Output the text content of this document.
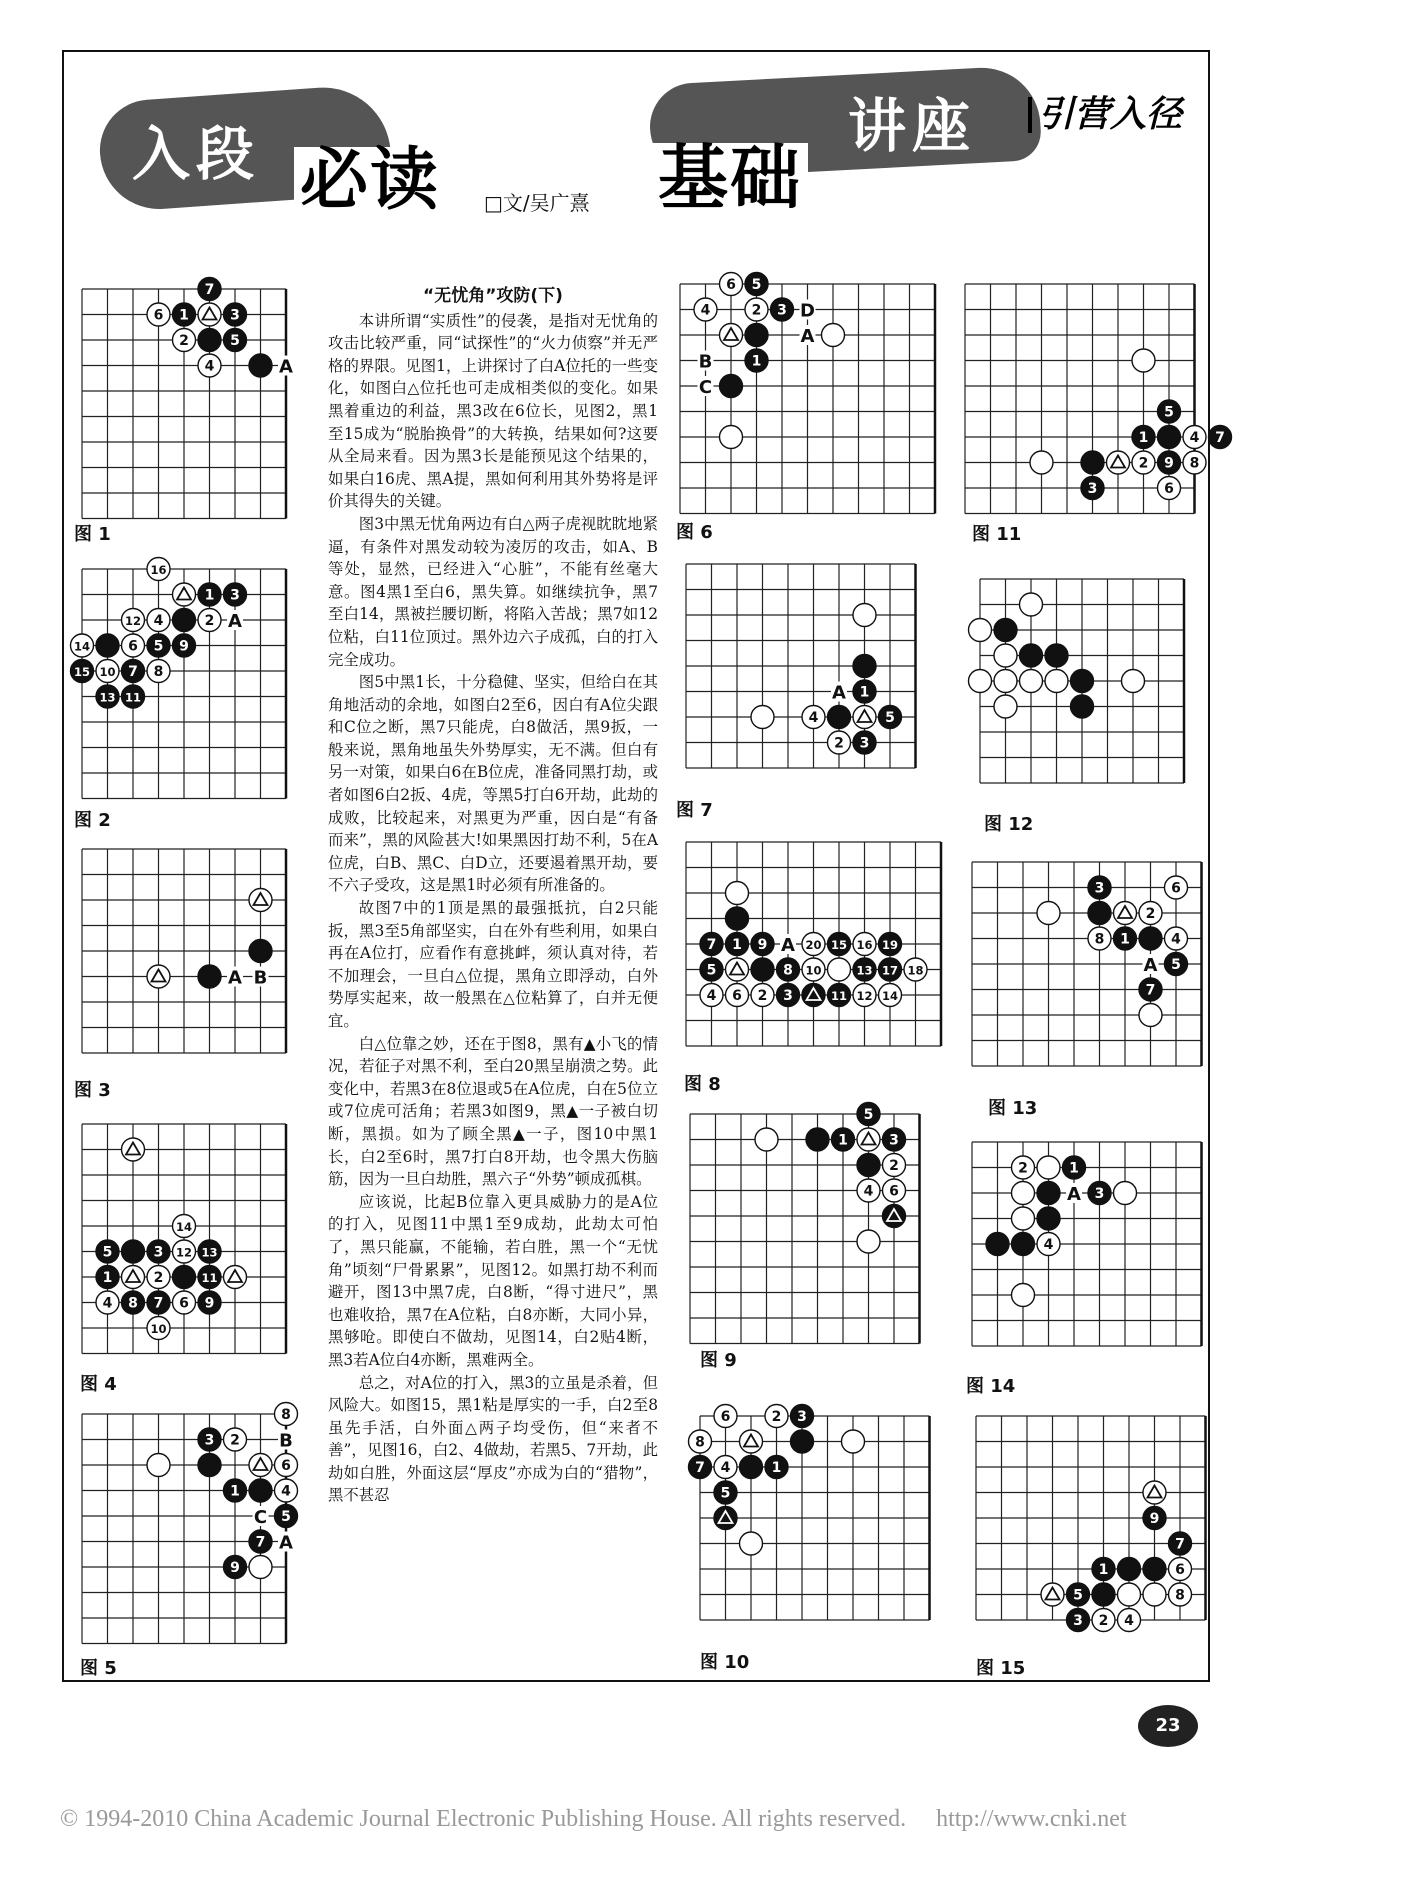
入段 必读	□文/吴广熹 基础
讲座 引营入径
“无忧角”攻防(下)

本讲所谓“实质性”的侵袭，是指对无忧角的攻击比较严重，同“试探性”的“火力侦察”并无严格的界限。见图1，上讲探讨了白A位托的一些变化，如图白△位托也可走成相类似的变化。如果黑着重边的利益，黑3改在6位长，见图2，黑1至15成为“脱胎换骨”的大转换，结果如何?这要从全局来看。因为黑3长是能预见这个结果的，如果白16虎、黑A提，黑如何利用其外势将是评价其得失的关键。

图3中黑无忧角两边有白△两子虎视眈眈地紧逼，有条件对黑发动较为凌厉的攻击，如A、B等处，显然，已经进入“心脏”，不能有丝毫大意。图4黑1至白6，黑失算。如继续抗争，黑7至白14，黑被拦腰切断，将陷入苦战；黑7如12位粘，白11位顶过。黑外边六子成孤，白的打入完全成功。

图5中黑1长，十分稳健、坚实，但给白在其角地活动的余地，如图白2至6，因白有A位尖跟和C位之断，黑7只能虎，白8做活，黑9扳，一般来说，黑角地虽失外势厚实，无不满。但白有另一对策，如果白6在B位虎，准备同黑打劫，或者如图6白2扳、4虎，等黑5打白6开劫，此劫的成败，比较起来，对黑更为严重，因白是“有备而来”，黑的风险甚大!如果黑因打劫不利，5在A位虎，白B、黑C、白D立，还要遏着黑开劫，要不六子受攻，这是黑1时必须有所准备的。

故图7中的1顶是黑的最强抵抗，白2只能扳，黑3至5角部坚实，白在外有些利用，如果白再在A位打，应看作有意挑衅，须认真对待，若不加理会，一旦白△位提，黑角立即浮动，白外势厚实起来，故一般黑在△位粘算了，白并无便宜。

白△位靠之妙，还在于图8，黑有▲小飞的情况，若征子对黑不利，至白20黑呈崩溃之势。此变化中，若黑3在8位退或5在A位虎，白在5位立或7位虎可活角；若黑3如图9，黑▲一子被白切断，黑损。如为了顾全黑▲一子，图10中黑1长，白2至6时，黑7打白8开劫，也令黑大伤脑筋，因为一旦白劫胜，黑六子“外势”顿成孤棋。

应该说，比起B位靠入更具威胁力的是A位的打入，见图11中黑1至9成劫，此劫太可怕了，黑只能赢，不能输，若白胜，黑一个“无忧角”顷刻“尸骨累累”，见图12。如黑打劫不利而避开，图13中黑7虎，白8断，“得寸进尺”，黑也难收拾，黑7在A位粘，白8亦断，大同小异，黑够呛。即使白不做劫，见图14，白2贴4断，黑3若A位白4亦断，黑难两全。

总之，对A位的打入，黑3的立虽是杀着，但风险大。如图15，黑1粘是厚实的一手，白2至8虽先手活，白外面△两子均受伤，但“来者不善”，见图16，白2、4做劫，若黑5、7开劫，此劫如白胜，外面这层“厚皮”亦成为白的“猎物”，黑不甚忍

7
6 1	3
2	5
4	A
图 1
16
1 3
12 4	2
14	6 5 9
15 10 7 8
13 11
A
图 2
A B
图 3
14
5	3 12 13
1	2	11
4 8 7 6 9
10
图 4
8
3 2
6
1	4
5
7
9
B
C
A
图 5
6 5
4	2 3
1
D
A
B
C
图 6
1
4	5
2 3
A
图 7
7 1 9	20 15 16 19
5	8 10	13 17 18
4 6 2 3	11 12 14
A
图 8
5
1	3
2
4 6
图 9
6	2 3
8
7 4	1
5
图 10
5
1	4 7
2 9 8
3	6
图 11
图 12
3	6
2
8 1	4
5
7
A
图 13
2	1
3
4
A
图 14
9
7
1	6
5	8
3 2 4
图 15
23
© 1994-2010 China Academic Journal Electronic Publishing House. All rights reserved. http://www.cnki.net
